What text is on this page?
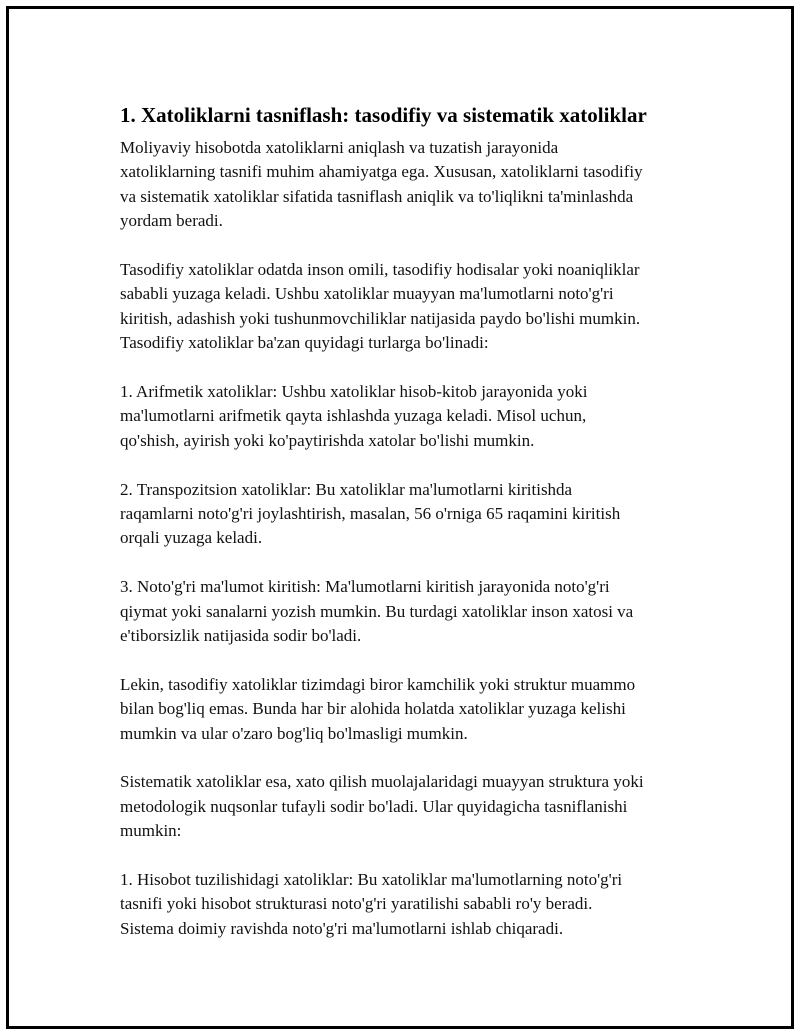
1. Xatoliklarni tasniflash: tasodifiy va sistematik xatoliklar

Moliyaviy hisobotda xatoliklarni aniqlash va tuzatish jarayonida
xatoliklarning tasnifi muhim ahamiyatga ega. Xususan, xatoliklarni tasodifiy
va sistematik xatoliklar sifatida tasniflash aniqlik va to'liqlikni ta'minlashda
yordam beradi.

Tasodifiy xatoliklar odatda inson omili, tasodifiy hodisalar yoki noaniqliklar
sababli yuzaga keladi. Ushbu xatoliklar muayyan ma'lumotlarni noto'g'ri
kiritish, adashish yoki tushunmovchiliklar natijasida paydo bo'lishi mumkin.
Tasodifiy xatoliklar ba'zan quyidagi turlarga bo'linadi:

1. Arifmetik xatoliklar: Ushbu xatoliklar hisob-kitob jarayonida yoki
ma'lumotlarni arifmetik qayta ishlashda yuzaga keladi. Misol uchun,
qo'shish, ayirish yoki ko'paytirishda xatolar bo'lishi mumkin.

2. Transpozitsion xatoliklar: Bu xatoliklar ma'lumotlarni kiritishda
raqamlarni noto'g'ri joylashtirish, masalan, 56 o'rniga 65 raqamini kiritish
orqali yuzaga keladi.

3. Noto'g'ri ma'lumot kiritish: Ma'lumotlarni kiritish jarayonida noto'g'ri
qiymat yoki sanalarni yozish mumkin. Bu turdagi xatoliklar inson xatosi va
e'tiborsizlik natijasida sodir bo'ladi.

Lekin, tasodifiy xatoliklar tizimdagi biror kamchilik yoki struktur muammo
bilan bog'liq emas. Bunda har bir alohida holatda xatoliklar yuzaga kelishi
mumkin va ular o'zaro bog'liq bo'lmasligi mumkin.

Sistematik xatoliklar esa, xato qilish muolajalaridagi muayyan struktura yoki
metodologik nuqsonlar tufayli sodir bo'ladi. Ular quyidagicha tasniflanishi
mumkin:

1. Hisobot tuzilishidagi xatoliklar: Bu xatoliklar ma'lumotlarning noto'g'ri
tasnifi yoki hisobot strukturasi noto'g'ri yaratilishi sababli ro'y beradi.
Sistema doimiy ravishda noto'g'ri ma'lumotlarni ishlab chiqaradi.
